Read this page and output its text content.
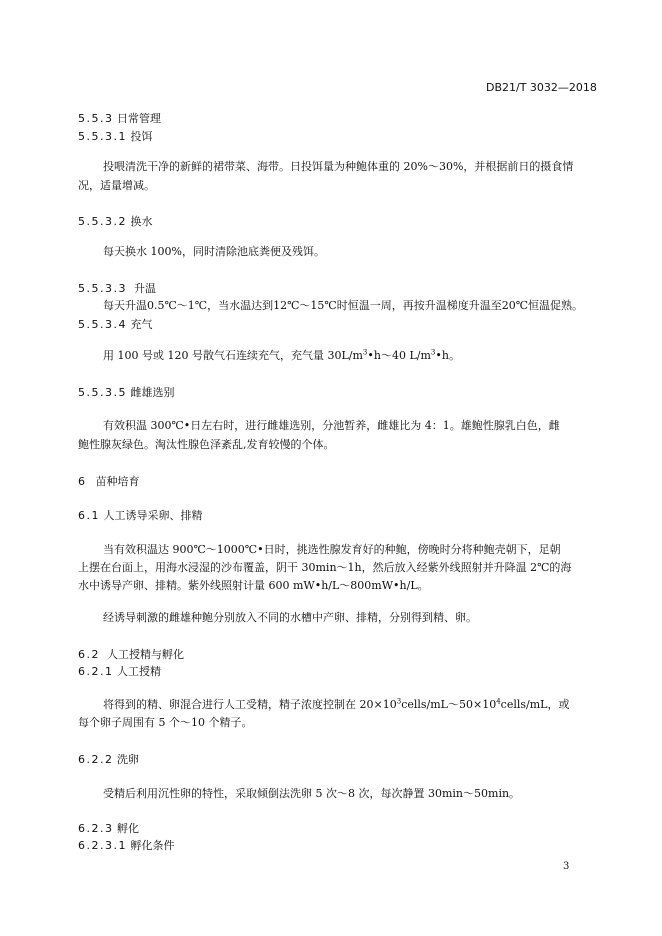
DB21/T 3032—2018
5.5.3 日常管理
5.5.3.1 投饵
投喂清洗干净的新鲜的裙带菜、海带。日投饵量为种鲍体重的 20%～30%，并根据前日的摄食情
况，适量增减。
5.5.3.2 换水
每天换水 100%，同时清除池底粪便及残饵。
5.5.3.3 升温
每天升温0.5℃～1℃，当水温达到12℃～15℃时恒温一周，再按升温梯度升温至20℃恒温促熟。
5.5.3.4 充气
用 100 号或 120 号散气石连续充气，充气量 $30L/m^3•h\sim 40$ $L/m^3•h$。
5.5.3.5 雌雄选别
有效积温 300℃•日左右时，进行雌雄选别，分池暂养，雌雄比为 4：1。雄鲍性腺乳白色，雌
鲍性腺灰绿色。淘汰性腺色泽紊乱,发育较慢的个体。
6 苗种培育
6.1 人工诱导采卵、排精
当有效积温达 900℃～1000℃•日时，挑选性腺发育好的种鲍，傍晚时分将种鲍壳朝下，足朝
上摆在台面上，用海水浸湿的沙布覆盖，阴干 30min～1h，然后放入经紫外线照射并升降温 2℃的海
水中诱导产卵、排精。紫外线照射计量 600 mW•h/L～800mW•h/L。
经诱导刺激的雌雄种鲍分别放入不同的水槽中产卵、排精，分别得到精、卵。
6.2 人工授精与孵化
6.2.1 人工授精
将得到的精、卵混合进行人工受精，精子浓度控制在 $20\times 10^3cells/mL\sim 50\times 10^4cells/mL$，或
每个卵子周围有 5 个～10 个精子。
6.2.2 洗卵
受精后利用沉性卵的特性，采取倾倒法洗卵 5 次～8 次，每次静置 30min～50min。
6.2.3 孵化
6.2.3.1 孵化条件
3
